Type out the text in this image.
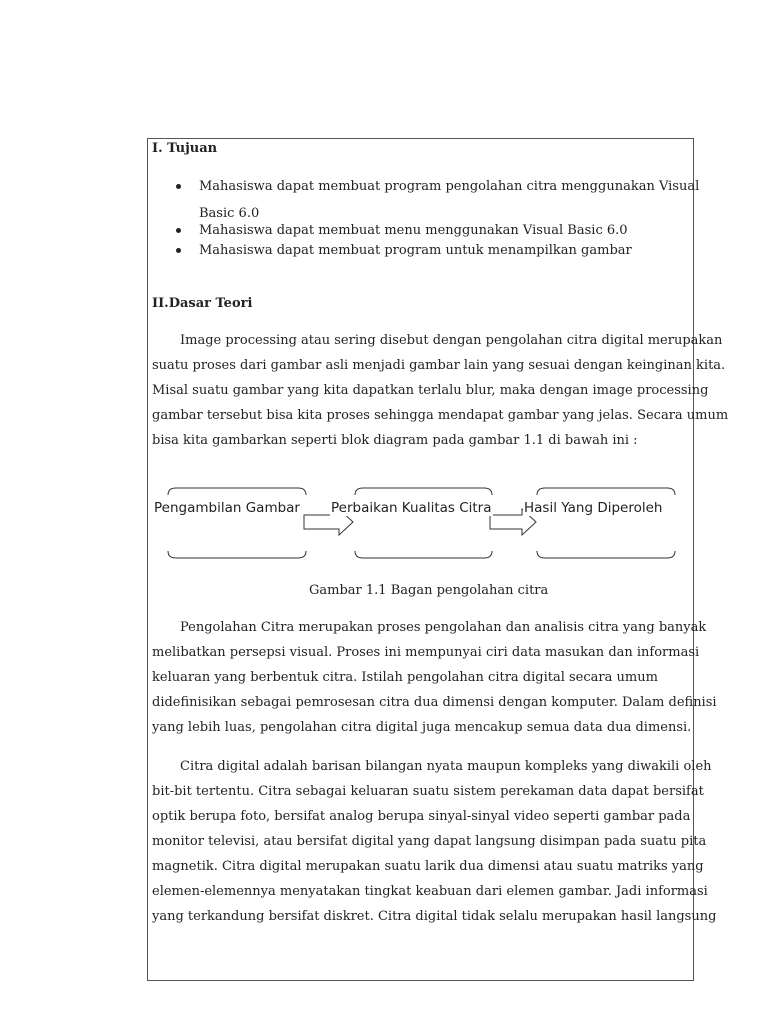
I. Tujuan
Mahasiswa dapat membuat program pengolahan citra menggunakan Visual
Basic 6.0
Mahasiswa dapat membuat menu menggunakan Visual Basic 6.0
Mahasiswa dapat membuat program untuk menampilkan gambar
II.Dasar Teori
Image processing atau sering disebut dengan pengolahan citra digital merupakan
suatu proses dari gambar asli menjadi gambar lain yang sesuai dengan keinginan kita.
Misal suatu gambar yang kita dapatkan terlalu blur, maka dengan image processing
gambar tersebut bisa kita proses sehingga mendapat gambar yang jelas. Secara umum
bisa kita gambarkan seperti blok diagram pada gambar 1.1 di bawah ini :
Pengambilan Gambar Perbaikan Kualitas Citra Hasil Yang Diperoleh
Gambar 1.1 Bagan pengolahan citra
Pengolahan Citra merupakan proses pengolahan dan analisis citra yang banyak
melibatkan persepsi visual. Proses ini mempunyai ciri data masukan dan informasi
keluaran yang berbentuk citra. Istilah pengolahan citra digital secara umum
didefinisikan sebagai pemrosesan citra dua dimensi dengan komputer. Dalam definisi
yang lebih luas, pengolahan citra digital juga mencakup semua data dua dimensi.
Citra digital adalah barisan bilangan nyata maupun kompleks yang diwakili oleh
bit-bit tertentu. Citra sebagai keluaran suatu sistem perekaman data dapat bersifat
optik berupa foto, bersifat analog berupa sinyal-sinyal video seperti gambar pada
monitor televisi, atau bersifat digital yang dapat langsung disimpan pada suatu pita
magnetik. Citra digital merupakan suatu larik dua dimensi atau suatu matriks yang
elemen-elemennya menyatakan tingkat keabuan dari elemen gambar. Jadi informasi
yang terkandung bersifat diskret. Citra digital tidak selalu merupakan hasil langsung
